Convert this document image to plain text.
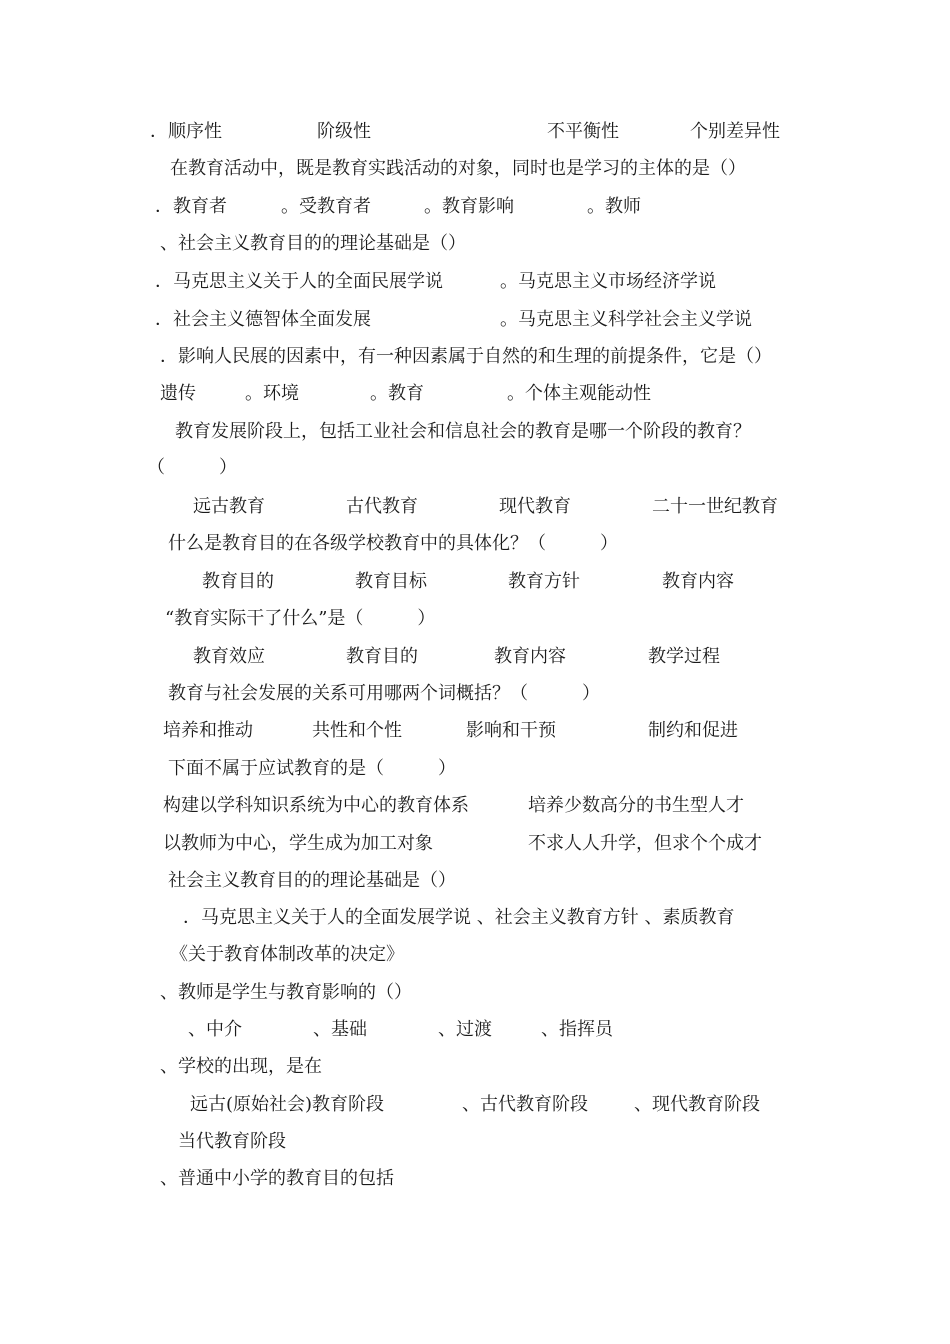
．顺序性	阶级性	不平衡性	个别差异性
在教育活动中，既是教育实践活动的对象，同时也是学习的主体的是（）
．教育者	。受教育者	。教育影响	。教师
、社会主义教育目的的理论基础是（）
．马克思主义关于人的全面民展学说	。马克思主义市场经济学说
．社会主义德智体全面发展	。马克思主义科学社会主义学说
．影响人民展的因素中，有一种因素属于自然的和生理的前提条件，它是（）
遗传	。环境	。教育	。个体主观能动性
教育发展阶段上，包括工业社会和信息社会的教育是哪一个阶段的教育？
（　　　）
远古教育	古代教育	现代教育	二十一世纪教育
什么是教育目的在各级学校教育中的具体化？（　　　）
教育目的	教育目标	教育方针	教育内容
“教育实际干了什么”是（　　　）
教育效应	教育目的	教育内容	教学过程
教育与社会发展的关系可用哪两个词概括？（　　　）
培养和推动	共性和个性	影响和干预	制约和促进
下面不属于应试教育的是（　　　）
构建以学科知识系统为中心的教育体系	培养少数高分的书生型人才
以教师为中心，学生成为加工对象	不求人人升学，但求个个成才
社会主义教育目的的理论基础是（）
．马克思主义关于人的全面发展学说 、社会主义教育方针 、素质教育
《关于教育体制改革的决定》
、教师是学生与教育影响的（）
、中介	、基础	、过渡	、指挥员
、学校的出现，是在
远古(原始社会)教育阶段	、古代教育阶段	、现代教育阶段
当代教育阶段
、普通中小学的教育目的包括
